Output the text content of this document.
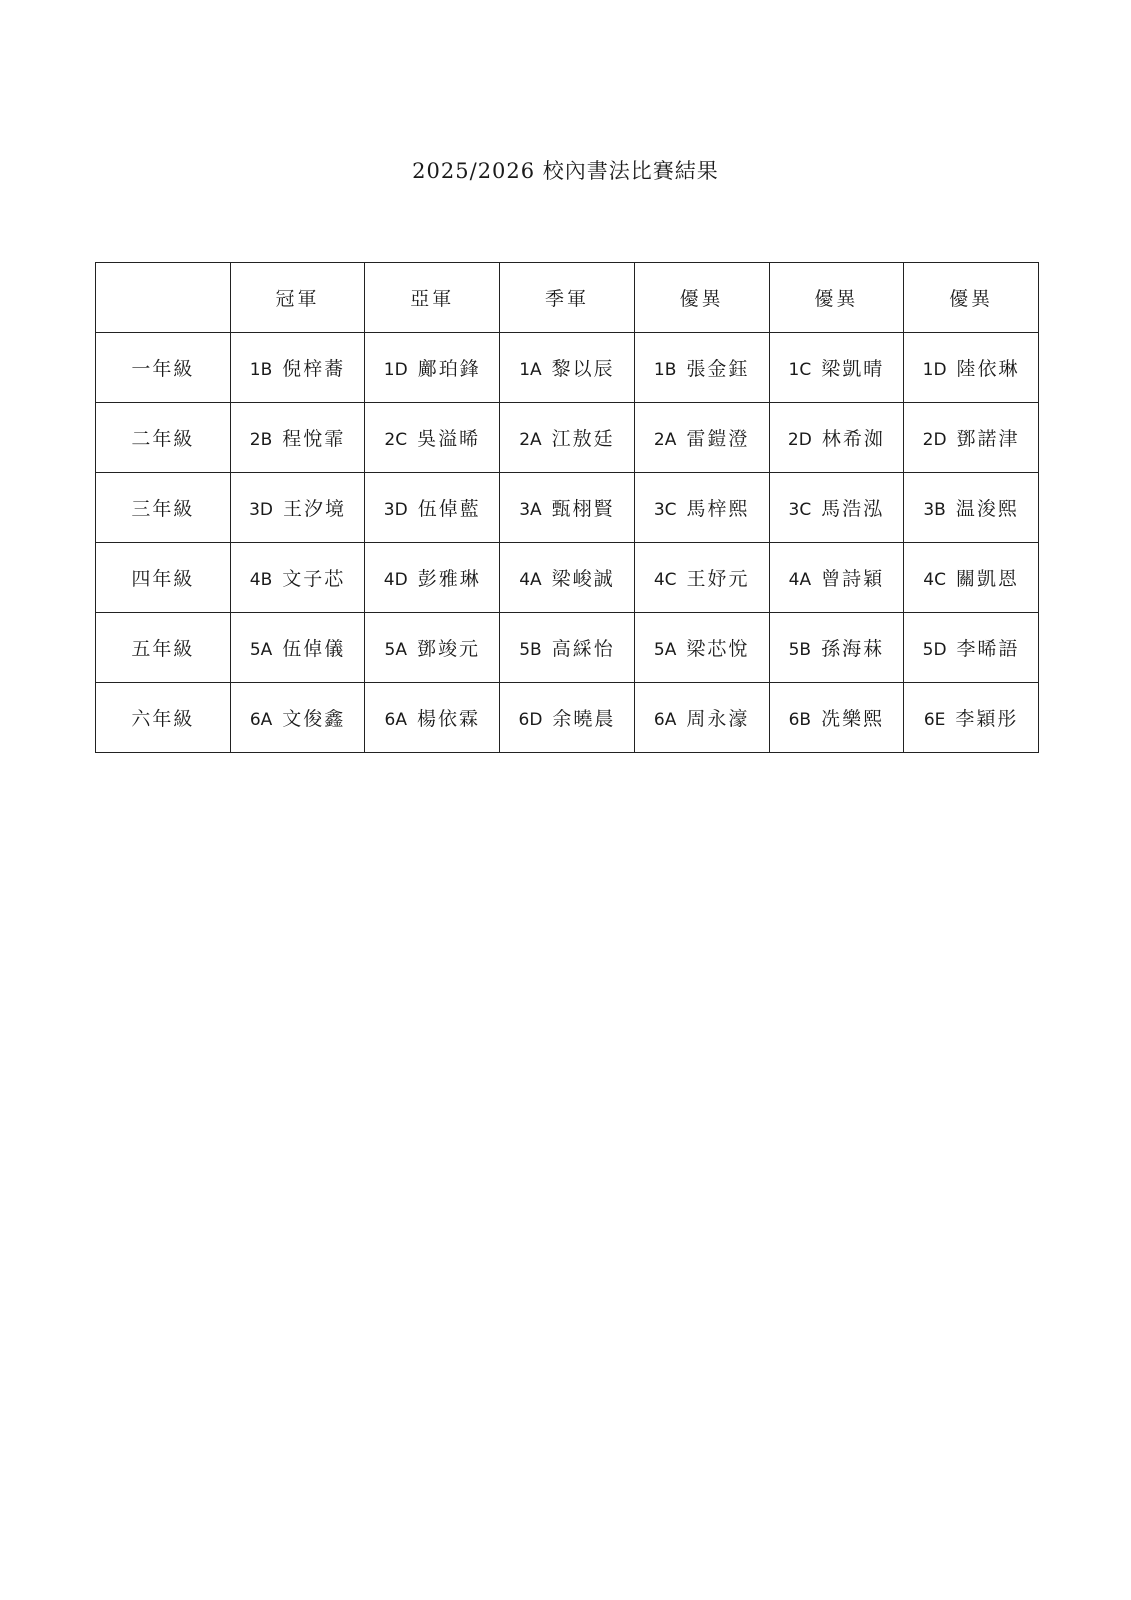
2025/2026 校內書法比賽結果
	冠軍	亞軍	季軍	優異	優異	優異
一年級	1B 倪梓蕎	1D 鄺珀鋒	1A 黎以辰	1B 張金鈺	1C 梁凱晴	1D 陸依琳
二年級	2B 程悅霏	2C 吳溢晞	2A 江敖廷	2A 雷鎧澄	2D 林希洳	2D 鄧諾津
三年級	3D 王汐境	3D 伍倬藍	3A 甄栩賢	3C 馬梓熙	3C 馬浩泓	3B 温浚熙
四年級	4B 文子芯	4D 彭雅琳	4A 梁峻誠	4C 王妤元	4A 曾詩穎	4C 關凱恩
五年級	5A 伍倬儀	5A 鄧竣元	5B 高綵怡	5A 梁芯悅	5B 孫海菻	5D 李晞語
六年級	6A 文俊鑫	6A 楊依霖	6D 余曉晨	6A 周永濠	6B 冼樂熙	6E 李穎彤
